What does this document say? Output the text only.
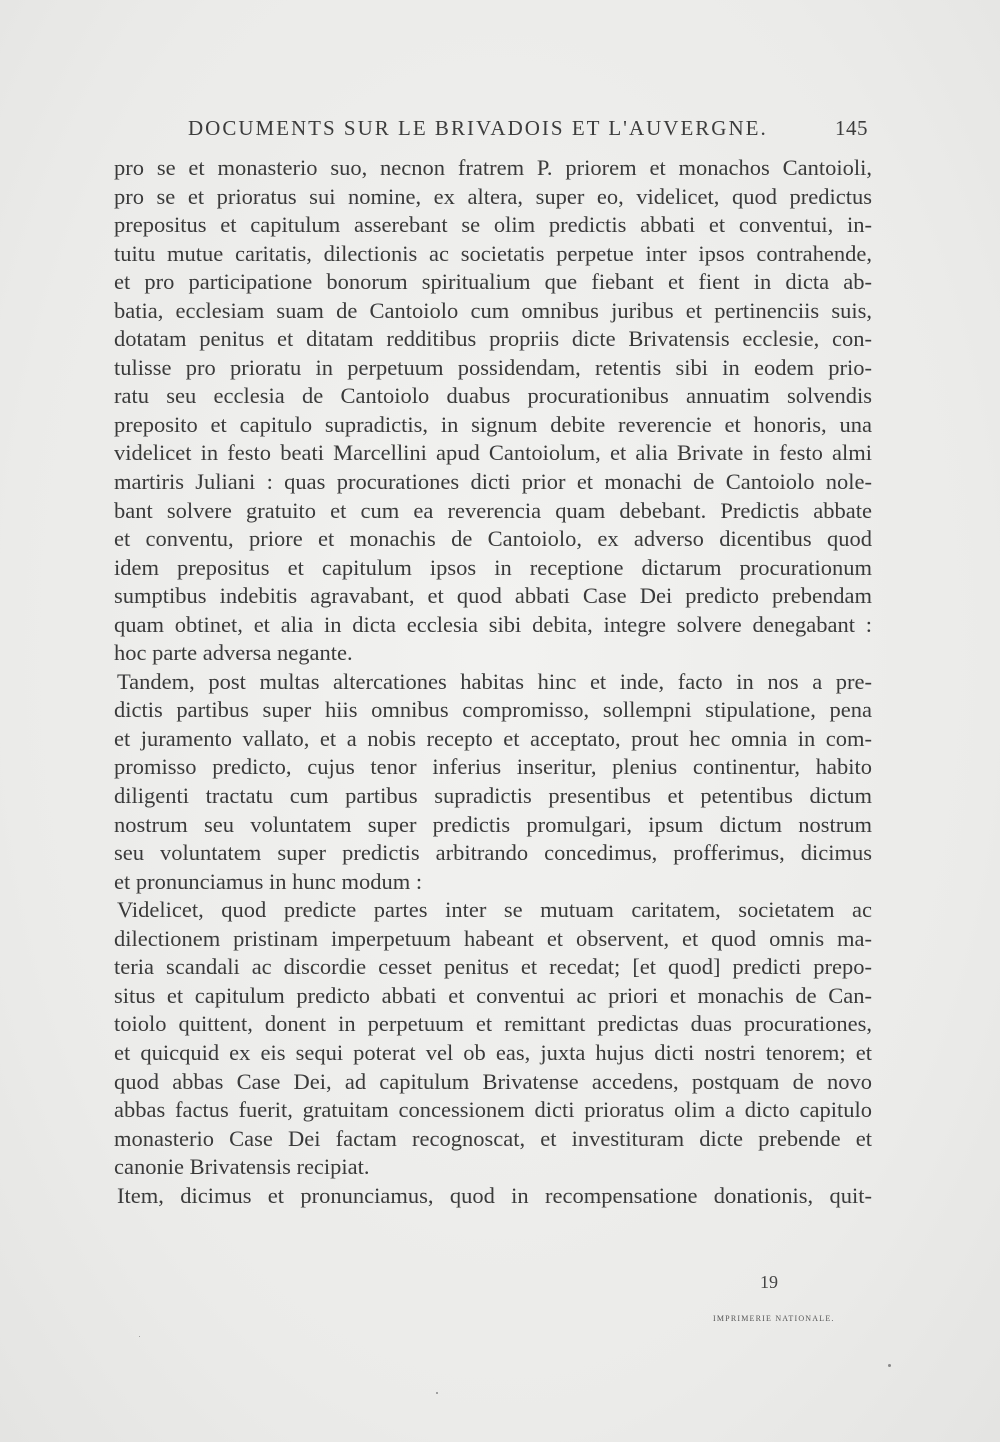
DOCUMENTS SUR LE BRIVADOIS ET L'AUVERGNE.	145
pro se et monasterio suo, necnon fratrem P. priorem et monachos Cantoioli,
pro se et prioratus sui nomine, ex altera, super eo, videlicet, quod predictus
prepositus et capitulum asserebant se olim predictis abbati et conventui, in-
tuitu mutue caritatis, dilectionis ac societatis perpetue inter ipsos contrahende,
et pro participatione bonorum spiritualium que fiebant et fient in dicta ab-
batia, ecclesiam suam de Cantoiolo cum omnibus juribus et pertinenciis suis,
dotatam penitus et ditatam redditibus propriis dicte Brivatensis ecclesie, con-
tulisse pro prioratu in perpetuum possidendam, retentis sibi in eodem prio-
ratu seu ecclesia de Cantoiolo duabus procurationibus annuatim solvendis
preposito et capitulo supradictis, in signum debite reverencie et honoris, una
videlicet in festo beati Marcellini apud Cantoiolum, et alia Brivate in festo almi
martiris Juliani : quas procurationes dicti prior et monachi de Cantoiolo nole-
bant solvere gratuito et cum ea reverencia quam debebant. Predictis abbate
et conventu, priore et monachis de Cantoiolo, ex adverso dicentibus quod
idem prepositus et capitulum ipsos in receptione dictarum procurationum
sumptibus indebitis agravabant, et quod abbati Case Dei predicto prebendam
quam obtinet, et alia in dicta ecclesia sibi debita, integre solvere denegabant :
hoc parte adversa negante.
Tandem, post multas altercationes habitas hinc et inde, facto in nos a pre-
dictis partibus super hiis omnibus compromisso, sollempni stipulatione, pena
et juramento vallato, et a nobis recepto et acceptato, prout hec omnia in com-
promisso predicto, cujus tenor inferius inseritur, plenius continentur, habito
diligenti tractatu cum partibus supradictis presentibus et petentibus dictum
nostrum seu voluntatem super predictis promulgari, ipsum dictum nostrum
seu voluntatem super predictis arbitrando concedimus, profferimus, dicimus
et pronunciamus in hunc modum :
Videlicet, quod predicte partes inter se mutuam caritatem, societatem ac
dilectionem pristinam imperpetuum habeant et observent, et quod omnis ma-
teria scandali ac discordie cesset penitus et recedat; [et quod] predicti prepo-
situs et capitulum predicto abbati et conventui ac priori et monachis de Can-
toiolo quittent, donent in perpetuum et remittant predictas duas procurationes,
et quicquid ex eis sequi poterat vel ob eas, juxta hujus dicti nostri tenorem; et
quod abbas Case Dei, ad capitulum Brivatense accedens, postquam de novo
abbas factus fuerit, gratuitam concessionem dicti prioratus olim a dicto capitulo
monasterio Case Dei factam recognoscat, et investituram dicte prebende et
canonie Brivatensis recipiat.
Item, dicimus et pronunciamus, quod in recompensatione donationis, quit-
19
IMPRIMERIE NATIONALE.
